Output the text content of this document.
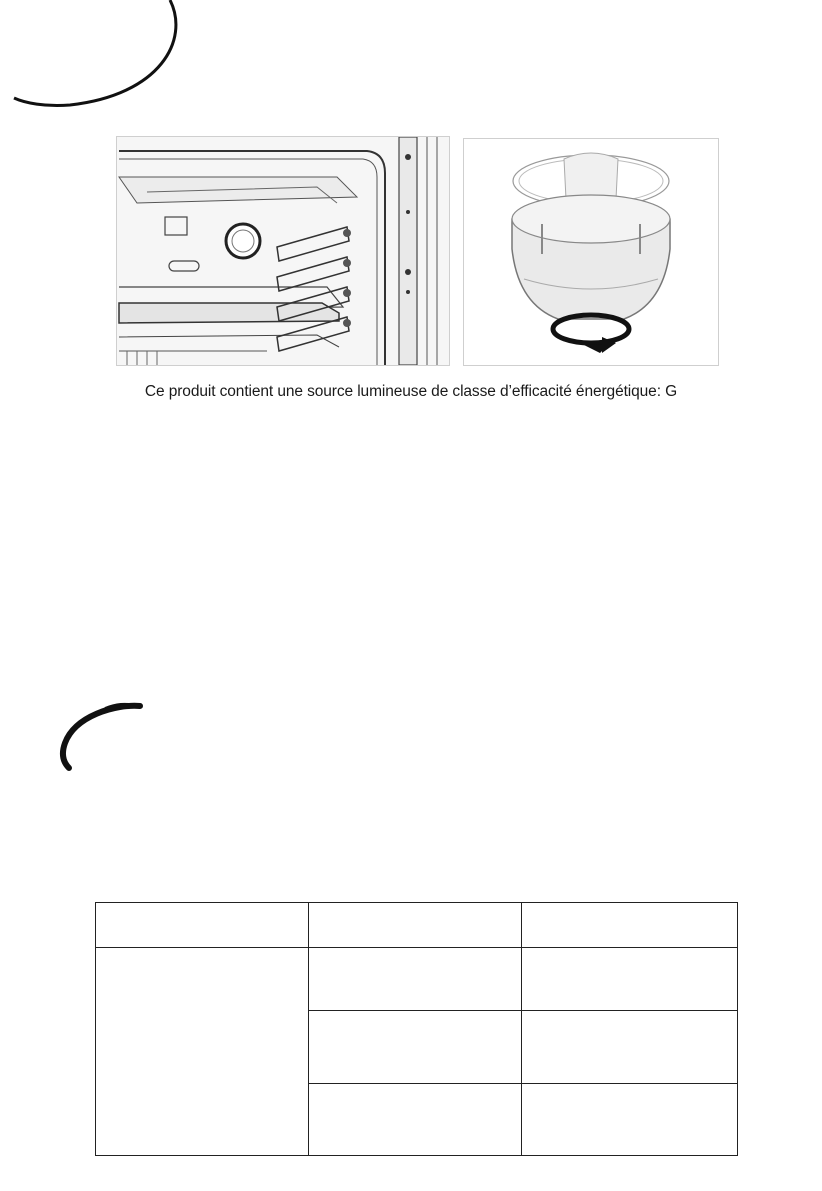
Ce produit contient une source lumineuse de classe d’efficacité énergétique: G
